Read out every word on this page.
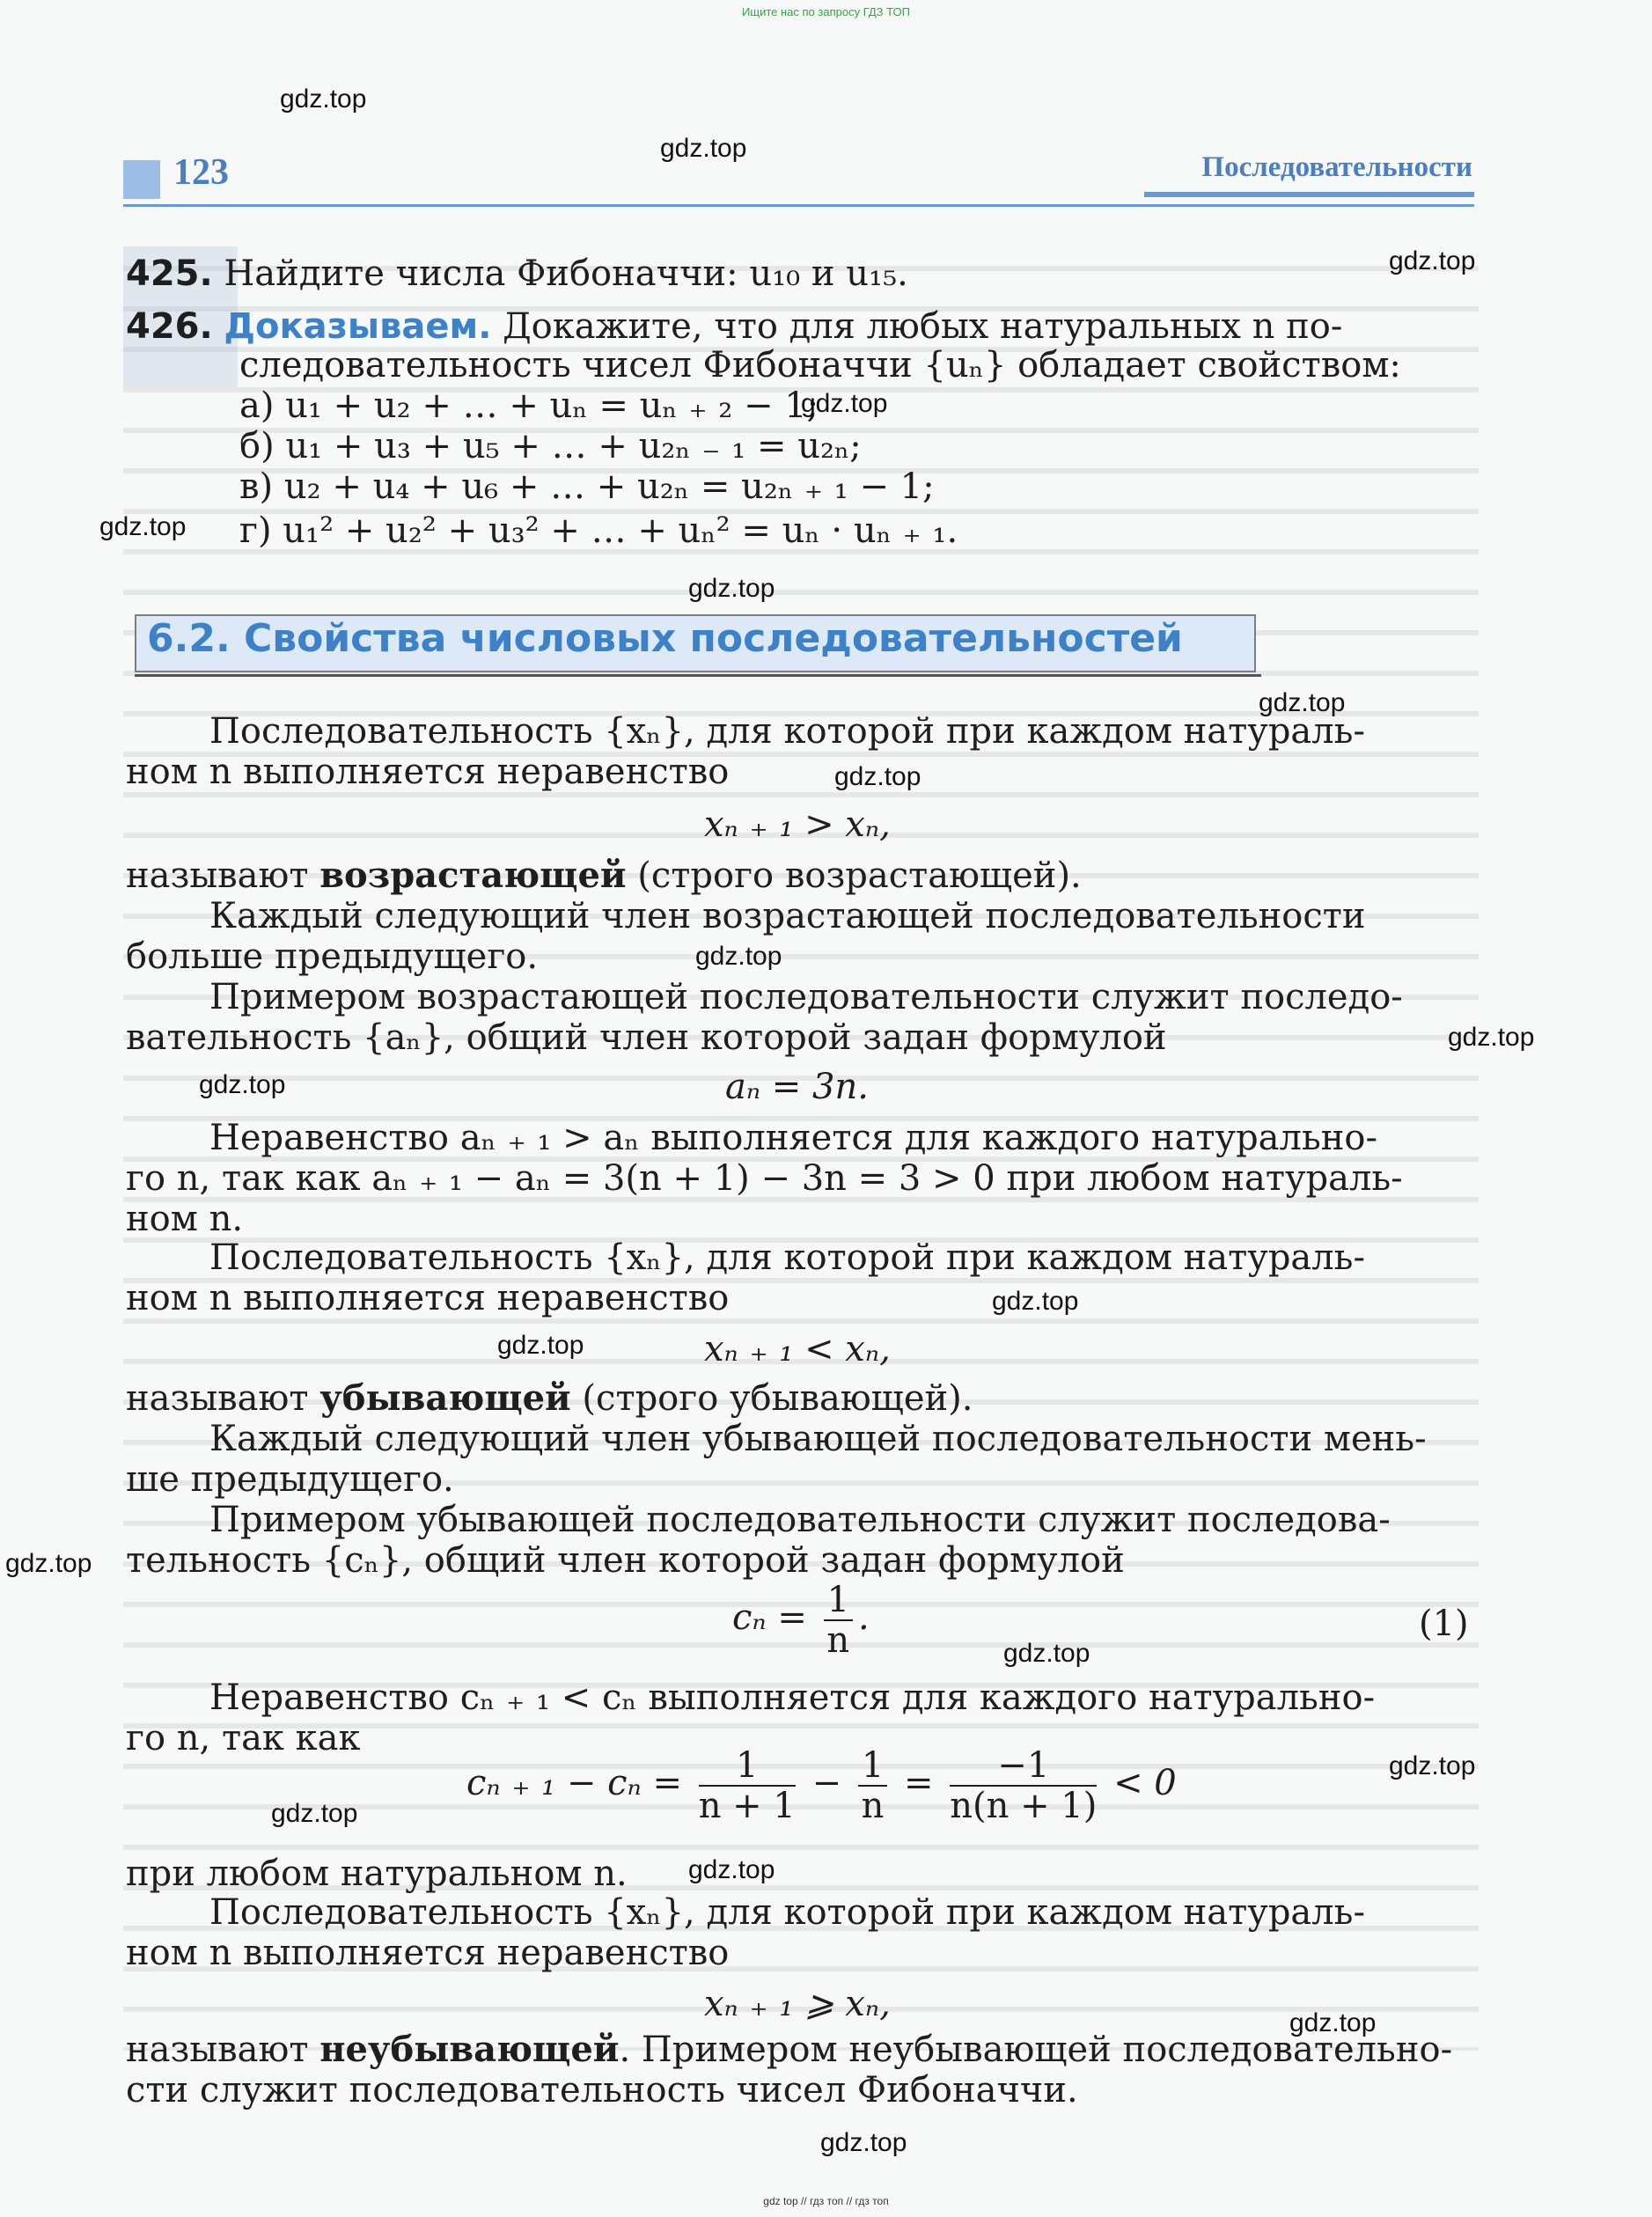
Ищите нас по запросу ГДЗ ТОП
123	Последовательности
425. Найдите числа Фибоначчи: u₁₀ и u₁₅.
426. Доказываем. Докажите, что для любых натуральных n по-
следовательность чисел Фибоначчи {uₙ} обладает свойством:
а) u₁ + u₂ + … + uₙ = uₙ ₊ ₂ − 1;
б) u₁ + u₃ + u₅ + … + u₂ₙ ₋ ₁ = u₂ₙ;
в) u₂ + u₄ + u₆ + … + u₂ₙ = u₂ₙ ₊ ₁ − 1;
г) u₁² + u₂² + u₃² + … + uₙ² = uₙ · uₙ ₊ ₁.
6.2. Свойства числовых последовательностей
Последовательность {xₙ}, для которой при каждом натураль-
ном n выполняется неравенство
xₙ ₊ ₁ > xₙ,
называют возрастающей (строго возрастающей).
Каждый следующий член возрастающей последовательности
больше предыдущего.
Примером возрастающей последовательности служит последо-
вательность {aₙ}, общий член которой задан формулой
aₙ = 3n.
Неравенство aₙ ₊ ₁ > aₙ выполняется для каждого натурально-
го n, так как aₙ ₊ ₁ − aₙ = 3(n + 1) − 3n = 3 > 0 при любом натураль-
ном n.
Последовательность {xₙ}, для которой при каждом натураль-
ном n выполняется неравенство
xₙ ₊ ₁ < xₙ,
называют убывающей (строго убывающей).
Каждый следующий член убывающей последовательности мень-
ше предыдущего.
Примером убывающей последовательности служит последова-
тельность {cₙ}, общий член которой задан формулой
$c_n = \frac{1}{n}$ .	(1)
Неравенство cₙ ₊ ₁ < cₙ выполняется для каждого натурально-
го n, так как
cₙ ₊ $_1 - c_n = \frac{1}{n + 1} - \frac{1}{n} = \frac{-1}{n(n + 1)} < 0$
при любом натуральном n.
Последовательность {xₙ}, для которой при каждом натураль-
ном n выполняется неравенство
xₙ ₊ ₁ ⩾ xₙ,
называют неубывающей. Примером неубывающей последовательно-
сти служит последовательность чисел Фибоначчи.
gdz.top
gdz.top
gdz.top
gdz.top
gdz.top
gdz.top
gdz.top
gdz.top
gdz.top
gdz.top
gdz.top
gdz.top
gdz.top
gdz.top
gdz.top
gdz.top
gdz.top
gdz.top
gdz.top
gdz.top
gdz top // гдз топ // гдз топ
